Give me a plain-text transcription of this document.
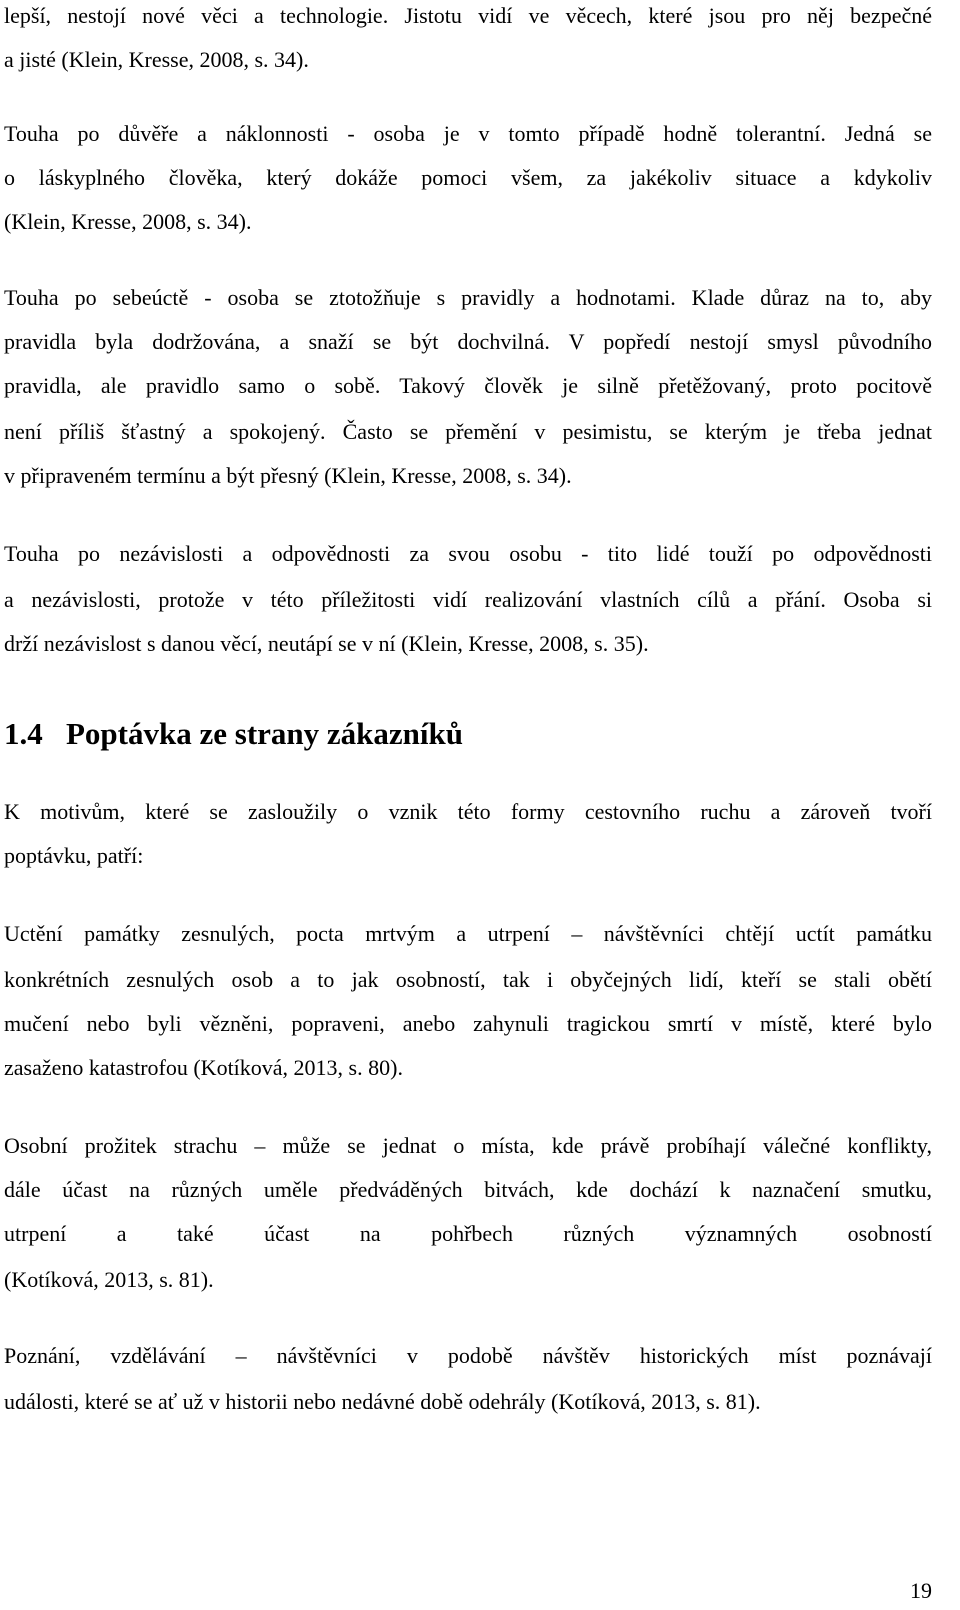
lepší, nestojí nové věci a technologie. Jistotu vidí ve věcech, které jsou pro něj bezpečné
a jisté (Klein, Kresse, 2008, s. 34).
Touha po důvěře a náklonnosti - osoba je v tomto případě hodně tolerantní. Jedná se
o láskyplného člověka, který dokáže pomoci všem, za jakékoliv situace a kdykoliv
(Klein, Kresse, 2008, s. 34).
Touha po sebeúctě - osoba se ztotožňuje s pravidly a hodnotami. Klade důraz na to, aby
pravidla byla dodržována, a snaží se být dochvilná. V popředí nestojí smysl původního
pravidla, ale pravidlo samo o sobě. Takový člověk je silně přetěžovaný, proto pocitově
není příliš šťastný a spokojený. Často se přemění v pesimistu, se kterým je třeba jednat
v připraveném termínu a být přesný (Klein, Kresse, 2008, s. 34).
Touha po nezávislosti a odpovědnosti za svou osobu - tito lidé touží po odpovědnosti
a nezávislosti, protože v této příležitosti vidí realizování vlastních cílů a přání. Osoba si
drží nezávislost s danou věcí, neutápí se v ní (Klein, Kresse, 2008, s. 35).
1.4 Poptávka ze strany zákazníků
K motivům, které se zasloužily o vznik této formy cestovního ruchu a zároveň tvoří
poptávku, patří:
Uctění památky zesnulých, pocta mrtvým a utrpení – návštěvníci chtějí uctít památku
konkrétních zesnulých osob a to jak osobností, tak i obyčejných lidí, kteří se stali obětí
mučení nebo byli vězněni, popraveni, anebo zahynuli tragickou smrtí v místě, které bylo
zasaženo katastrofou (Kotíková, 2013, s. 80).
Osobní prožitek strachu – může se jednat o místa, kde právě probíhají válečné konflikty,
dále účast na různých uměle předváděných bitvách, kde dochází k naznačení smutku,
utrpení a také účast na pohřbech různých významných osobností
(Kotíková, 2013, s. 81).
Poznání, vzdělávání – návštěvníci v podobě návštěv historických míst poznávají
události, které se ať už v historii nebo nedávné době odehrály (Kotíková, 2013, s. 81).
19
